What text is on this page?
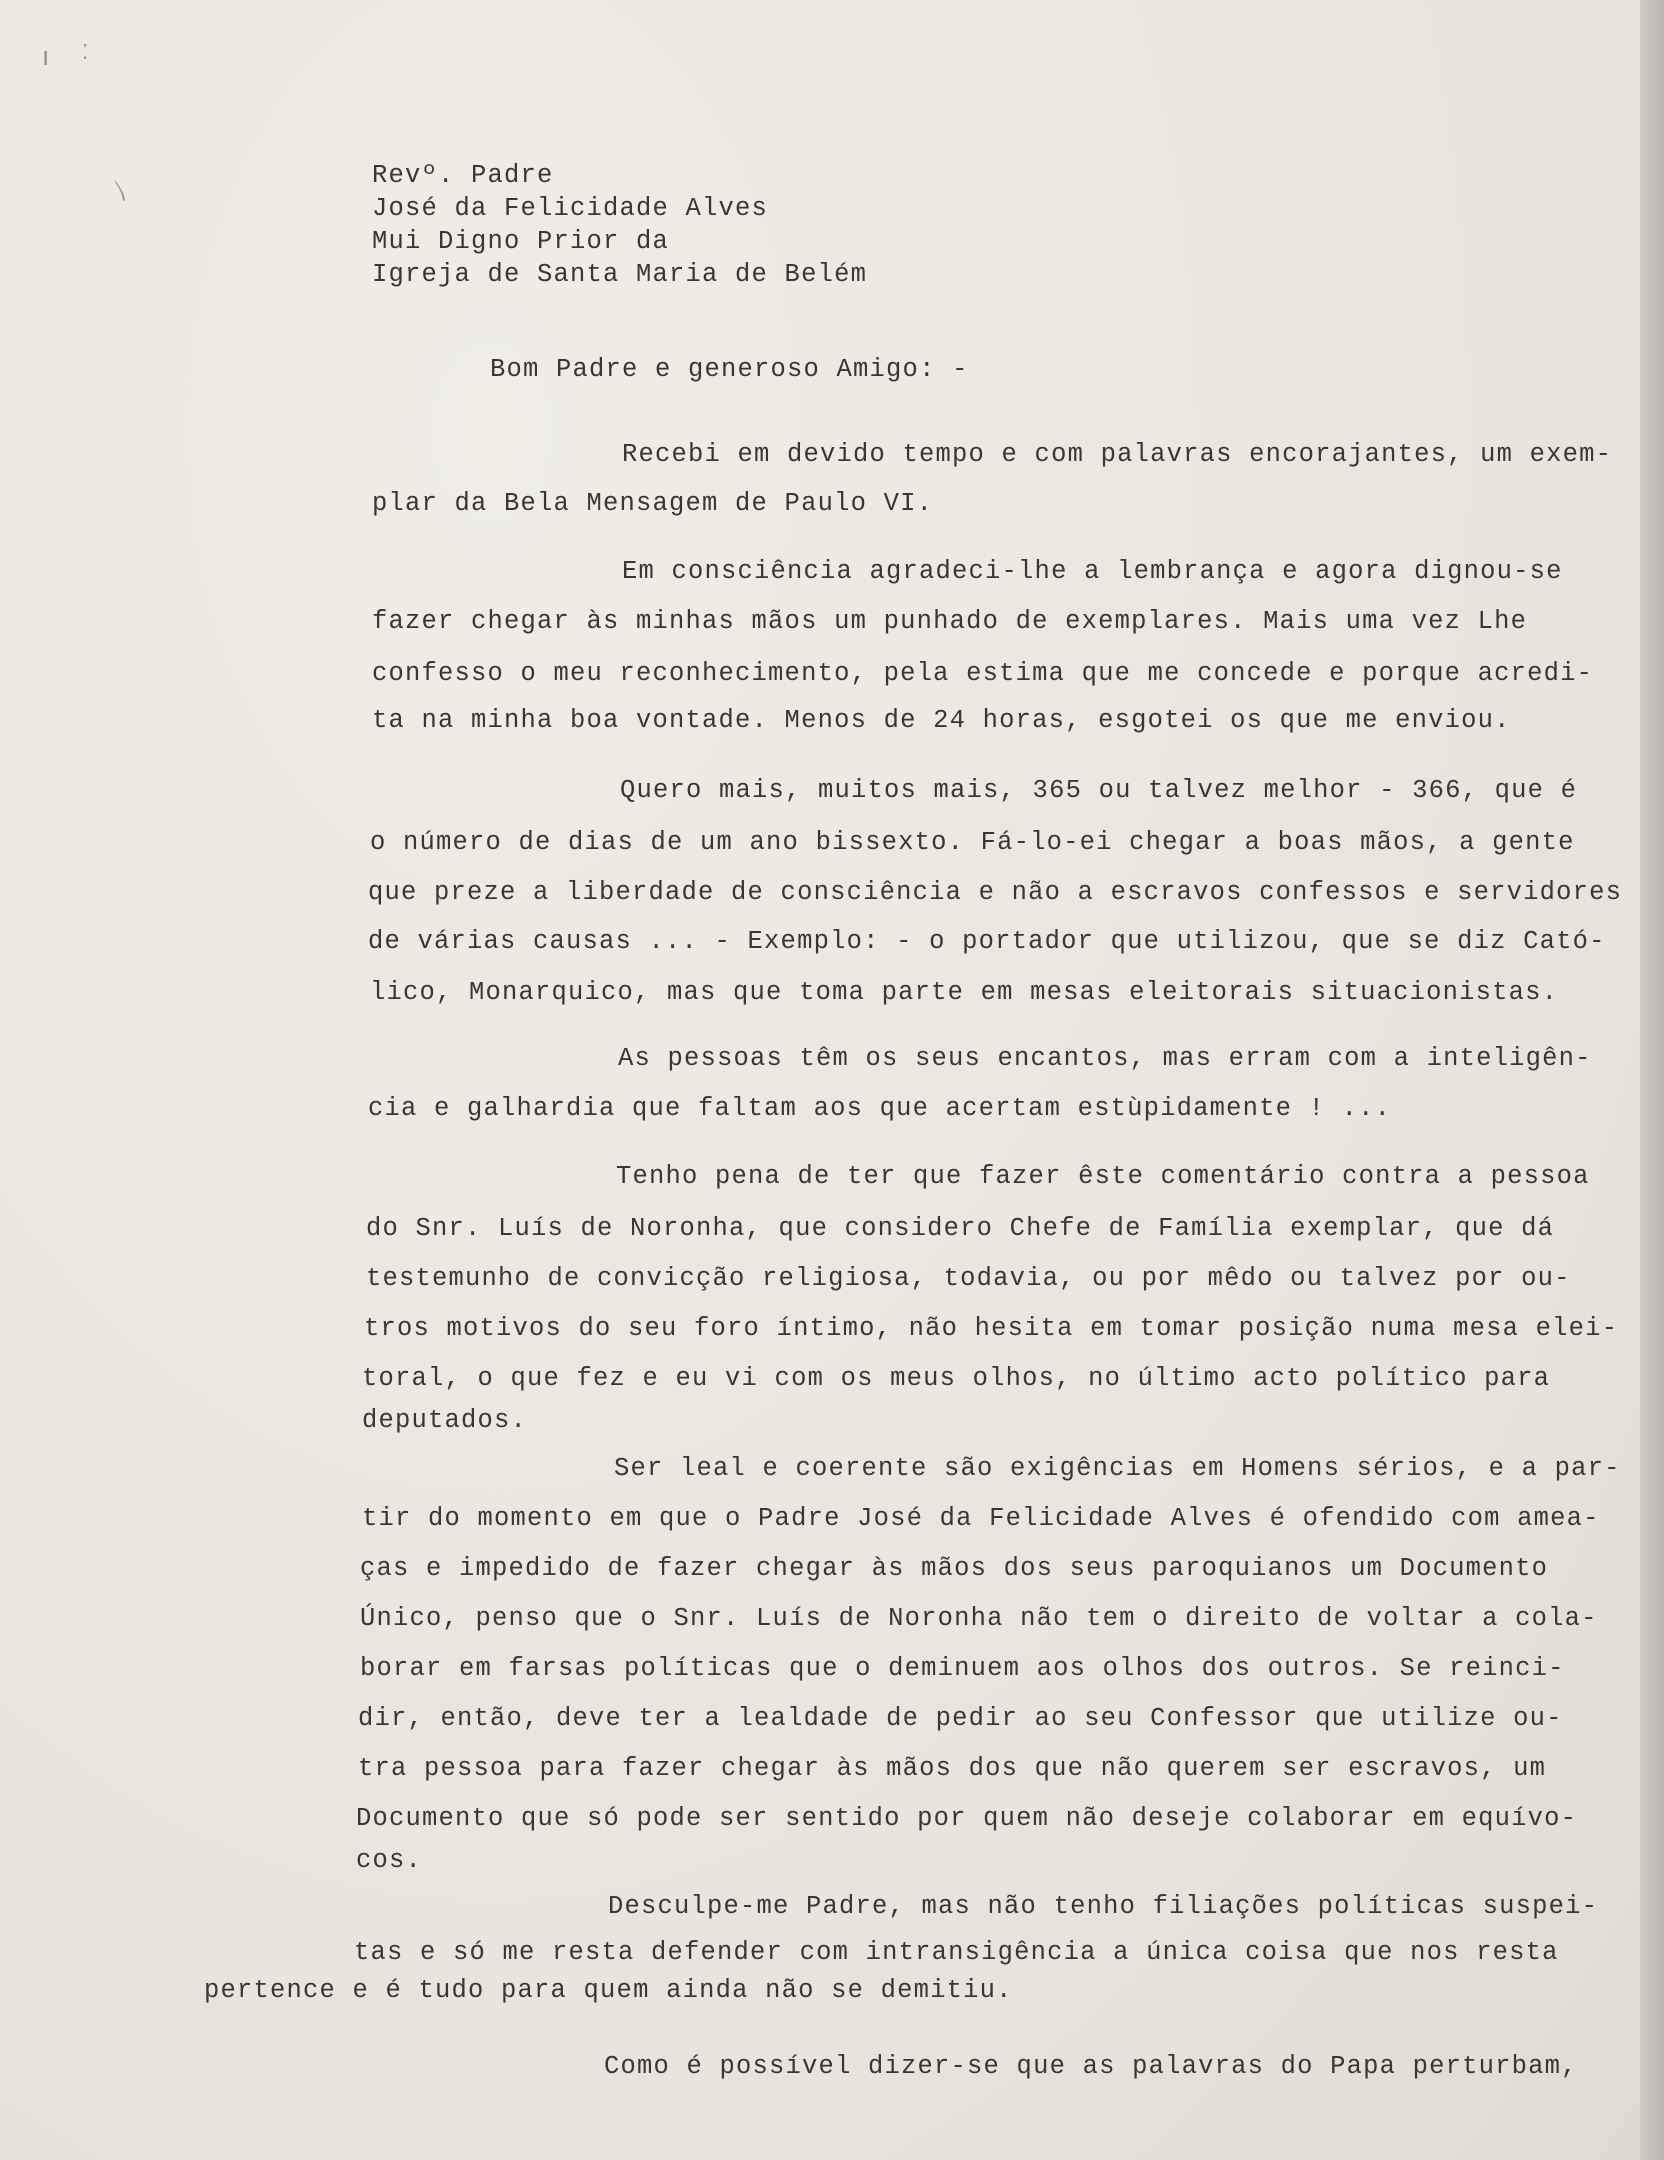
ı ⁚
〵

Revº. Padre

José da Felicidade Alves

Mui Digno Prior da

Igreja de Santa Maria de Belém

Bom Padre e generoso Amigo: -

Recebi em devido tempo e com palavras encorajantes, um exem-

plar da Bela Mensagem de Paulo VI.

Em consciência agradeci-lhe a lembrança e agora dignou-se

fazer chegar às minhas mãos um punhado de exemplares. Mais uma vez Lhe

confesso o meu reconhecimento, pela estima que me concede e porque acredi-

ta na minha boa vontade. Menos de 24 horas, esgotei os que me enviou.

Quero mais, muitos mais, 365 ou talvez melhor - 366, que é

o número de dias de um ano bissexto. Fá-lo-ei chegar a boas mãos, a gente

que preze a liberdade de consciência e não a escravos confessos e servidores

de várias causas ... - Exemplo: - o portador que utilizou, que se diz Cató-

lico, Monarquico, mas que toma parte em mesas eleitorais situacionistas.

As pessoas têm os seus encantos, mas erram com a inteligên-

cia e galhardia que faltam aos que acertam estùpidamente ! ...

Tenho pena de ter que fazer êste comentário contra a pessoa

do Snr. Luís de Noronha, que considero Chefe de Família exemplar, que dá

testemunho de convicção religiosa, todavia, ou por mêdo ou talvez por ou-

tros motivos do seu foro íntimo, não hesita em tomar posição numa mesa elei-

toral, o que fez e eu vi com os meus olhos, no último acto político para

deputados.

Ser leal e coerente são exigências em Homens sérios, e a par-

tir do momento em que o Padre José da Felicidade Alves é ofendido com amea-

ças e impedido de fazer chegar às mãos dos seus paroquianos um Documento

Único, penso que o Snr. Luís de Noronha não tem o direito de voltar a cola-

borar em farsas políticas que o deminuem aos olhos dos outros. Se reinci-

dir, então, deve ter a lealdade de pedir ao seu Confessor que utilize ou-

tra pessoa para fazer chegar às mãos dos que não querem ser escravos, um

Documento que só pode ser sentido por quem não deseje colaborar em equívo-

cos.

Desculpe-me Padre, mas não tenho filiações políticas suspei-

tas e só me resta defender com intransigência a única coisa que nos resta

pertence e é tudo para quem ainda não se demitiu.

Como é possível dizer-se que as palavras do Papa perturbam,
